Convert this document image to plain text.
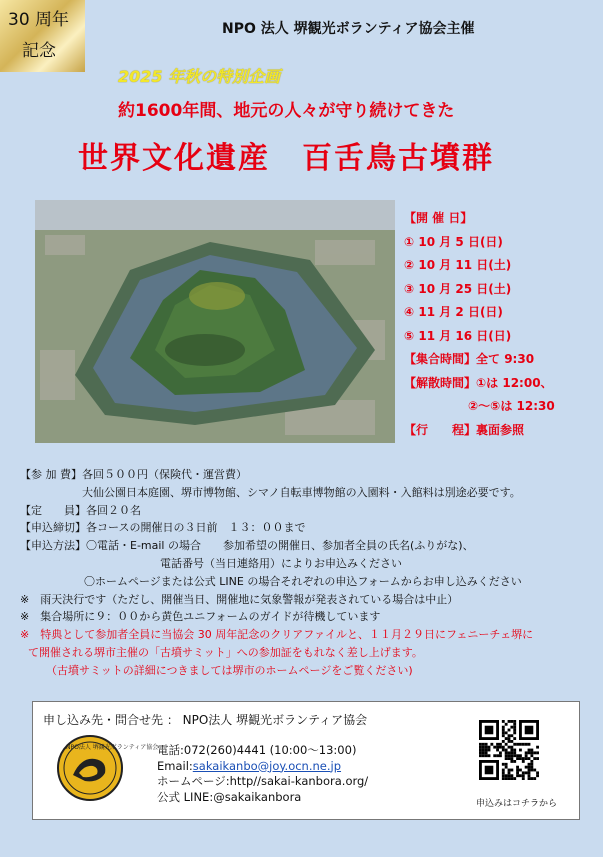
30 周年
記念
NPO 法人 堺観光ボランティア協会主催
2025 年秋の特別企画
約1600年間、地元の人々が守り続けてきた
世界文化遺産　百舌鳥古墳群
【開 催 日】
① 10 月 5 日(日)
② 10 月 11 日(土)
③ 10 月 25 日(土)
④ 11 月 2 日(日)
⑤ 11 月 16 日(日)
【集合時間】全て 9:30
【解散時間】①は 12:00、
②～⑤は 12:30
【行　　程】裏面参照
【参 加 費】各回５００円（保険代・運営費）
大仙公園日本庭園、堺市博物館、シマノ自転車博物館の入園料・入館料は別途必要です。
【定　　員】各回２０名
【申込締切】各コースの開催日の３日前　１３：００まで
【申込方法】〇電話・E-mail の場合　　参加希望の開催日、参加者全員の氏名(ふりがな)、
電話番号（当日連絡用）によりお申込みください
〇ホームページまたは公式 LINE の場合それぞれの申込フォームからお申し込みください
※　雨天決行です（ただし、開催当日、開催地に気象警報が発表されている場合は中止）
※　集合場所に９：００から黄色ユニフォームのガイドが待機しています
※　特典として参加者全員に当協会 30 周年記念のクリアファイルと、１１月２９日にフェニーチェ堺に
て開催される堺市主催の「古墳サミット」への参加証をもれなく差し上げます。
（古墳サミットの詳細につきましては堺市のホームページをご覧ください)
申し込み先・問合せ先 ： NPO法人 堺観光ボランティア協会
NPO法人 堺観光ボランティア協会
電話:072(260)4441 (10:00～13:00)
Email:sakaikanbo@joy.ocn.ne.jp
ホームページ:http//sakai-kanbora.org/
公式 LINE:@sakaikanbora
申込みはコチラから
